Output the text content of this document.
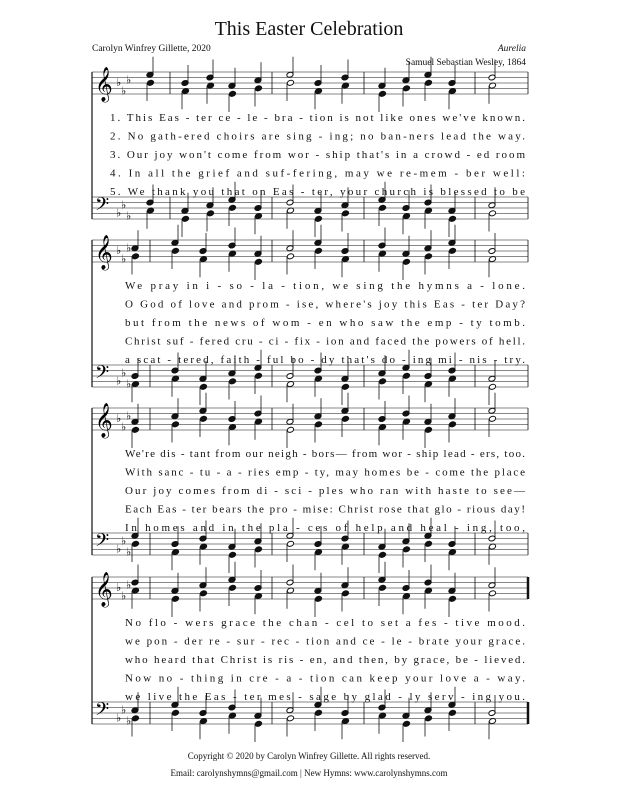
This Easter Celebration
Carolyn Winfrey Gillette, 2020	Aurelia
Samuel Sebastian Wesley, 1864
𝄞 ♭
♭
♭
𝄢 ♭
♭
♭
1. This Eas - ter ce - le - bra - tion is not like ones we've known.
2. No gath-ered choirs are sing - ing; no ban-ners lead the way.
3. Our joy won't come from wor - ship that's in a crowd - ed room
4. In all the grief and suf-fering, may we re-mem - ber well:
5. We thank you that on Eas - ter, your church is blessed to be
𝄞 ♭
♭
♭
𝄢 ♭
♭
♭
We pray in i - so - la - tion, we sing the hymns a - lone.
O God of love and prom - ise, where's joy this Eas - ter Day?
but from the news of wom - en who saw the emp - ty tomb.
Christ suf - fered cru - ci - fix - ion and faced the powers of hell.
a scat - tered, faith - ful bo - dy that's do - ing mi - nis - try.
𝄞 ♭
♭
♭
𝄢 ♭
♭
♭
We're dis - tant from our neigh - bors— from wor - ship lead - ers, too.
With sanc - tu - a - ries emp - ty, may homes be - come the place
Our joy comes from di - sci - ples who ran with haste to see—
Each Eas - ter bears the pro - mise: Christ rose that glo - rious day!
In homes and in the pla - ces of help and heal - ing, too,
𝄞 ♭
♭
♭
𝄢 ♭
♭
♭
No flo - wers grace the chan - cel to set a fes - tive mood.
we pon - der re - sur - rec - tion and ce - le - brate your grace.
who heard that Christ is ris - en, and then, by grace, be - lieved.
Now no - thing in cre - a - tion can keep your love a - way.
we live the Eas - ter mes - sage by glad - ly serv - ing you.
Copyright © 2020 by Carolyn Winfrey Gillette. All rights reserved.
Email: carolynshymns@gmail.com | New Hymns: www.carolynshymns.com
